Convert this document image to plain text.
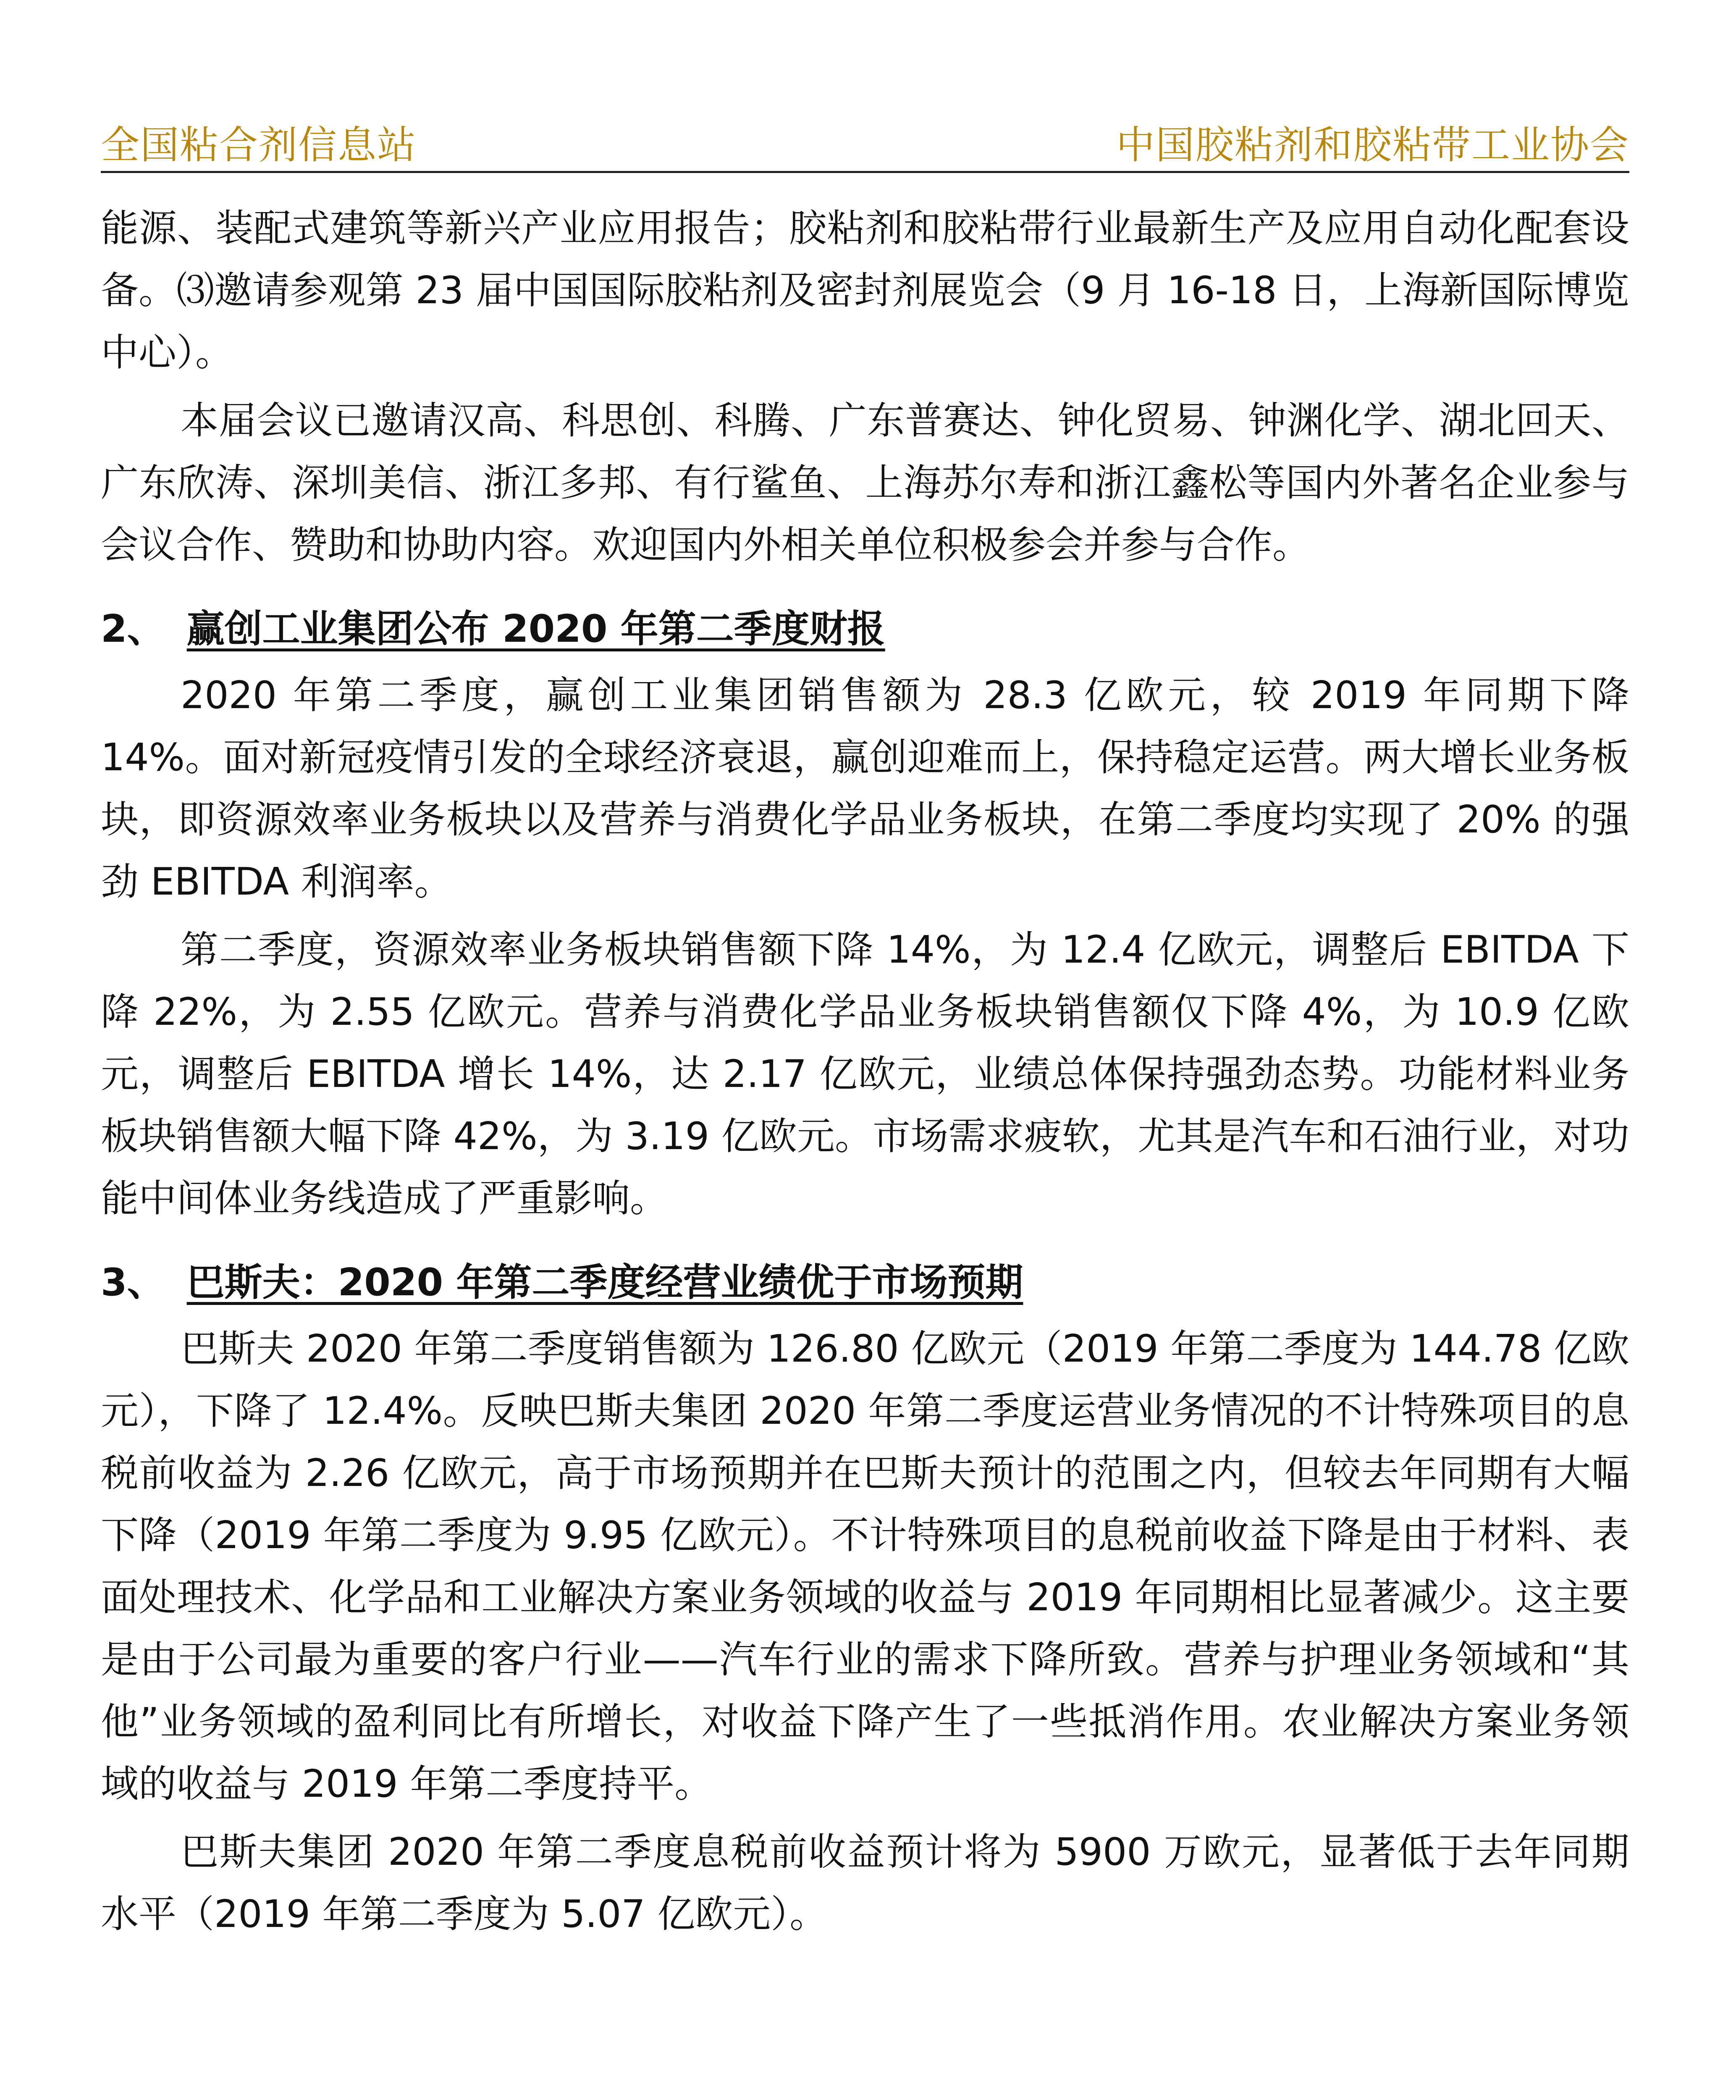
全国粘合剂信息站	中国胶粘剂和胶粘带工业协会

能源、装配式建筑等新兴产业应用报告；胶粘剂和胶粘带行业最新生产及应用自动化配套设备。⑶邀请参观第 23 届中国国际胶粘剂及密封剂展览会（9 月 16-18 日，上海新国际博览中心）。

本届会议已邀请汉高、科思创、科腾、广东普赛达、钟化贸易、钟渊化学、湖北回天、广东欣涛、深圳美信、浙江多邦、有行鲨鱼、上海苏尔寿和浙江鑫松等国内外著名企业参与会议合作、赞助和协助内容。欢迎国内外相关单位积极参会并参与合作。

2、 赢创工业集团公布 2020 年第二季度财报

2020 年第二季度，赢创工业集团销售额为 28.3 亿欧元，较 2019 年同期下降 14%。面对新冠疫情引发的全球经济衰退，赢创迎难而上，保持稳定运营。两大增长业务板块，即资源效率业务板块以及营养与消费化学品业务板块，在第二季度均实现了 20% 的强劲 EBITDA 利润率。

第二季度，资源效率业务板块销售额下降 14%，为 12.4 亿欧元，调整后 EBITDA 下降 22%，为 2.55 亿欧元。营养与消费化学品业务板块销售额仅下降 4%，为 10.9 亿欧元，调整后 EBITDA 增长 14%，达 2.17 亿欧元，业绩总体保持强劲态势。功能材料业务板块销售额大幅下降 42%，为 3.19 亿欧元。市场需求疲软，尤其是汽车和石油行业，对功能中间体业务线造成了严重影响。

3、 巴斯夫：2020 年第二季度经营业绩优于市场预期

巴斯夫 2020 年第二季度销售额为 126.80 亿欧元（2019 年第二季度为 144.78 亿欧元），下降了 12.4%。反映巴斯夫集团 2020 年第二季度运营业务情况的不计特殊项目的息税前收益为 2.26 亿欧元，高于市场预期并在巴斯夫预计的范围之内，但较去年同期有大幅下降（2019 年第二季度为 9.95 亿欧元）。不计特殊项目的息税前收益下降是由于材料、表面处理技术、化学品和工业解决方案业务领域的收益与 2019 年同期相比显著减少。这主要是由于公司最为重要的客户行业——汽车行业的需求下降所致。营养与护理业务领域和“其他”业务领域的盈利同比有所增长，对收益下降产生了一些抵消作用。农业解决方案业务领域的收益与 2019 年第二季度持平。

巴斯夫集团 2020 年第二季度息税前收益预计将为 5900 万欧元，显著低于去年同期水平（2019 年第二季度为 5.07 亿欧元）。
